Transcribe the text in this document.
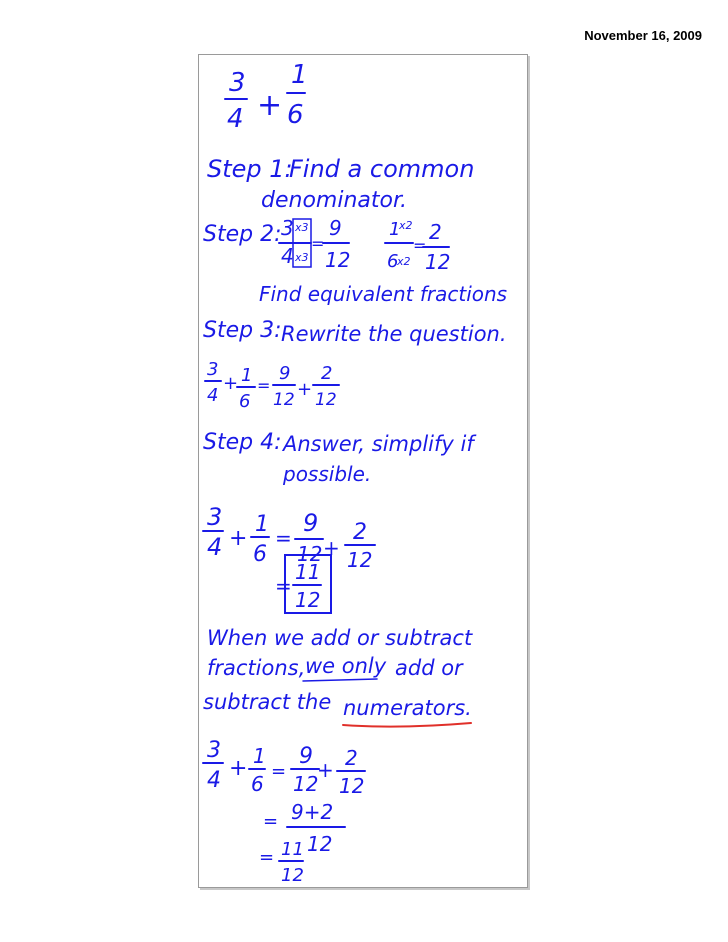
November 16, 2009
3
4 +
1
6
Step 1:
Find a common
denominator.
Step 2: 3 x3
4 x3
=
9
12
1
x2
6
x2
=
2
12
Find equivalent fractions
Step 3: Rewrite the question.
3
4
+ 1
6
=
9
12 +
2
12
Step 4: Answer, simplify if
possible.
3
4 +
1
6
=
9
12 +
2
12
=
11
12
When we add or subtract
fractions, we only add or
subtract the numerators.
3
4 + 1
6
=
9
12
+ 2
12
= 9+2
12
= 11
12
